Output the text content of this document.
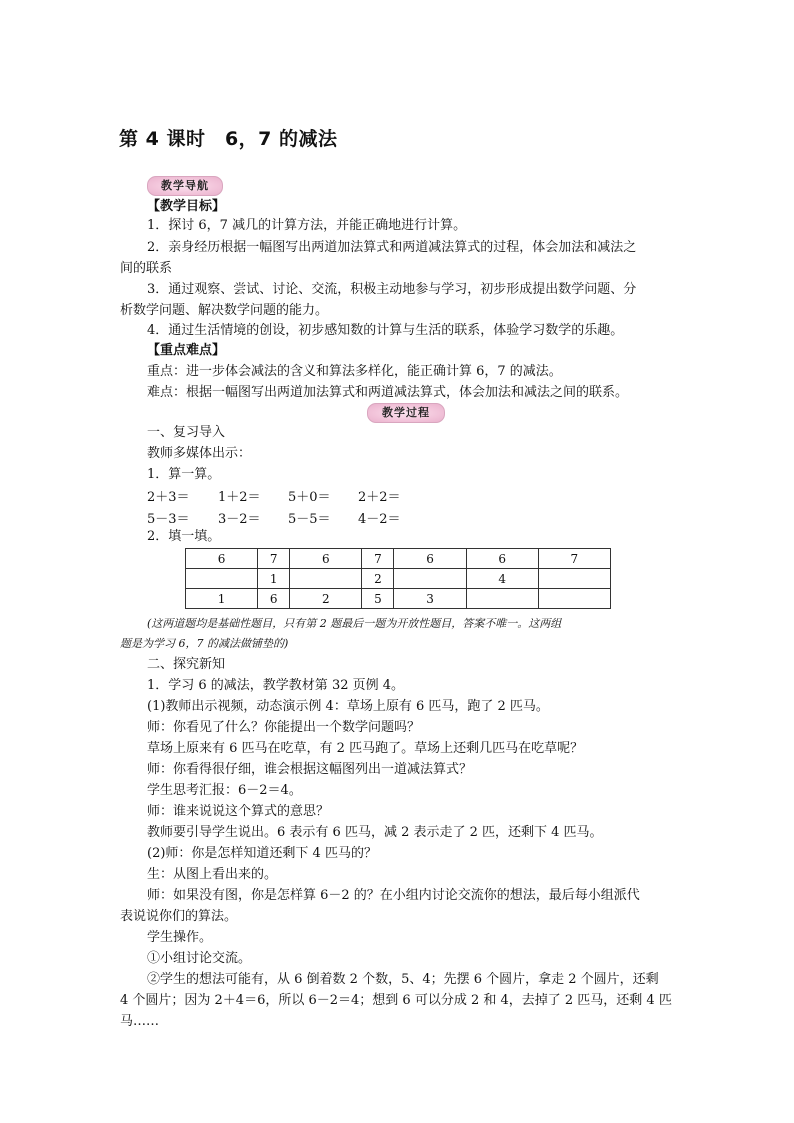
第 4 课时　6，7 的减法
教学导航
【教学目标】
1．探讨 6，7 减几的计算方法，并能正确地进行计算。
2．亲身经历根据一幅图写出两道加法算式和两道减法算式的过程，体会加法和减法之
间的联系
3．通过观察、尝试、讨论、交流，积极主动地参与学习，初步形成提出数学问题、分
析数学问题、解决数学问题的能力。
4．通过生活情境的创设，初步感知数的计算与生活的联系，体验学习数学的乐趣。
【重点难点】
重点：进一步体会减法的含义和算法多样化，能正确计算 6，7 的减法。
难点：根据一幅图写出两道加法算式和两道减法算式，体会加法和减法之间的联系。
教学过程
一、复习导入
教师多媒体出示：
1．算一算。
2＋3＝ 1＋2＝ 5＋0＝ 2＋2＝
5－3＝ 3－2＝ 5－5＝ 4－2＝
2．填一填。
6	7	6	7	6	6	7
	1		2		4	
1	6	2	5	3		
(这两道题均是基础性题目，只有第 2 题最后一题为开放性题目，答案不唯一。这两组
题是为学习 6，7 的减法做铺垫的)
二、探究新知
1．学习 6 的减法，教学教材第 32 页例 4。
(1)教师出示视频，动态演示例 4：草场上原有 6 匹马，跑了 2 匹马。
师：你看见了什么？你能提出一个数学问题吗？
草场上原来有 6 匹马在吃草，有 2 匹马跑了。草场上还剩几匹马在吃草呢？
师：你看得很仔细，谁会根据这幅图列出一道减法算式？
学生思考汇报：6－2＝4。
师：谁来说说这个算式的意思？
教师要引导学生说出。6 表示有 6 匹马，减 2 表示走了 2 匹，还剩下 4 匹马。
(2)师：你是怎样知道还剩下 4 匹马的？
生：从图上看出来的。
师：如果没有图，你是怎样算 6－2 的？在小组内讨论交流你的想法，最后每小组派代
表说说你们的算法。
学生操作。
①小组讨论交流。
②学生的想法可能有，从 6 倒着数 2 个数，5、4；先摆 6 个圆片，拿走 2 个圆片，还剩
4 个圆片；因为 2＋4＝6，所以 6－2＝4；想到 6 可以分成 2 和 4，去掉了 2 匹马，还剩 4 匹
马……
